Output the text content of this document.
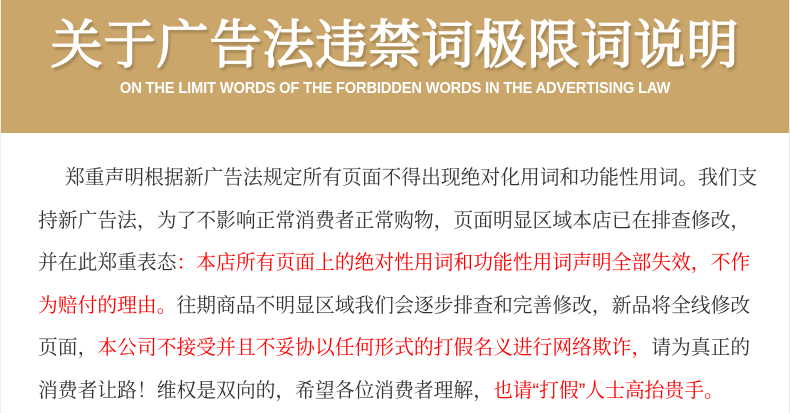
关于广告法违禁词极限词说明
ON THE LIMIT WORDS OF THE FORBIDDEN WORDS IN THE ADVERTISING LAW
郑重声明根据新广告法规定所有页面不得出现绝对化用词和功能性用词。我们支
持新广告法，为了不影响正常消费者正常购物，页面明显区域本店已在排查修改，
并在此郑重表态：本店所有页面上的绝对性用词和功能性用词声明全部失效，不作
为赔付的理由。往期商品不明显区域我们会逐步排查和完善修改，新品将全线修改
页面，本公司不接受并且不妥协以任何形式的打假名义进行网络欺诈，请为真正的
消费者让路！维权是双向的，希望各位消费者理解，也请“打假”人士高抬贵手。
